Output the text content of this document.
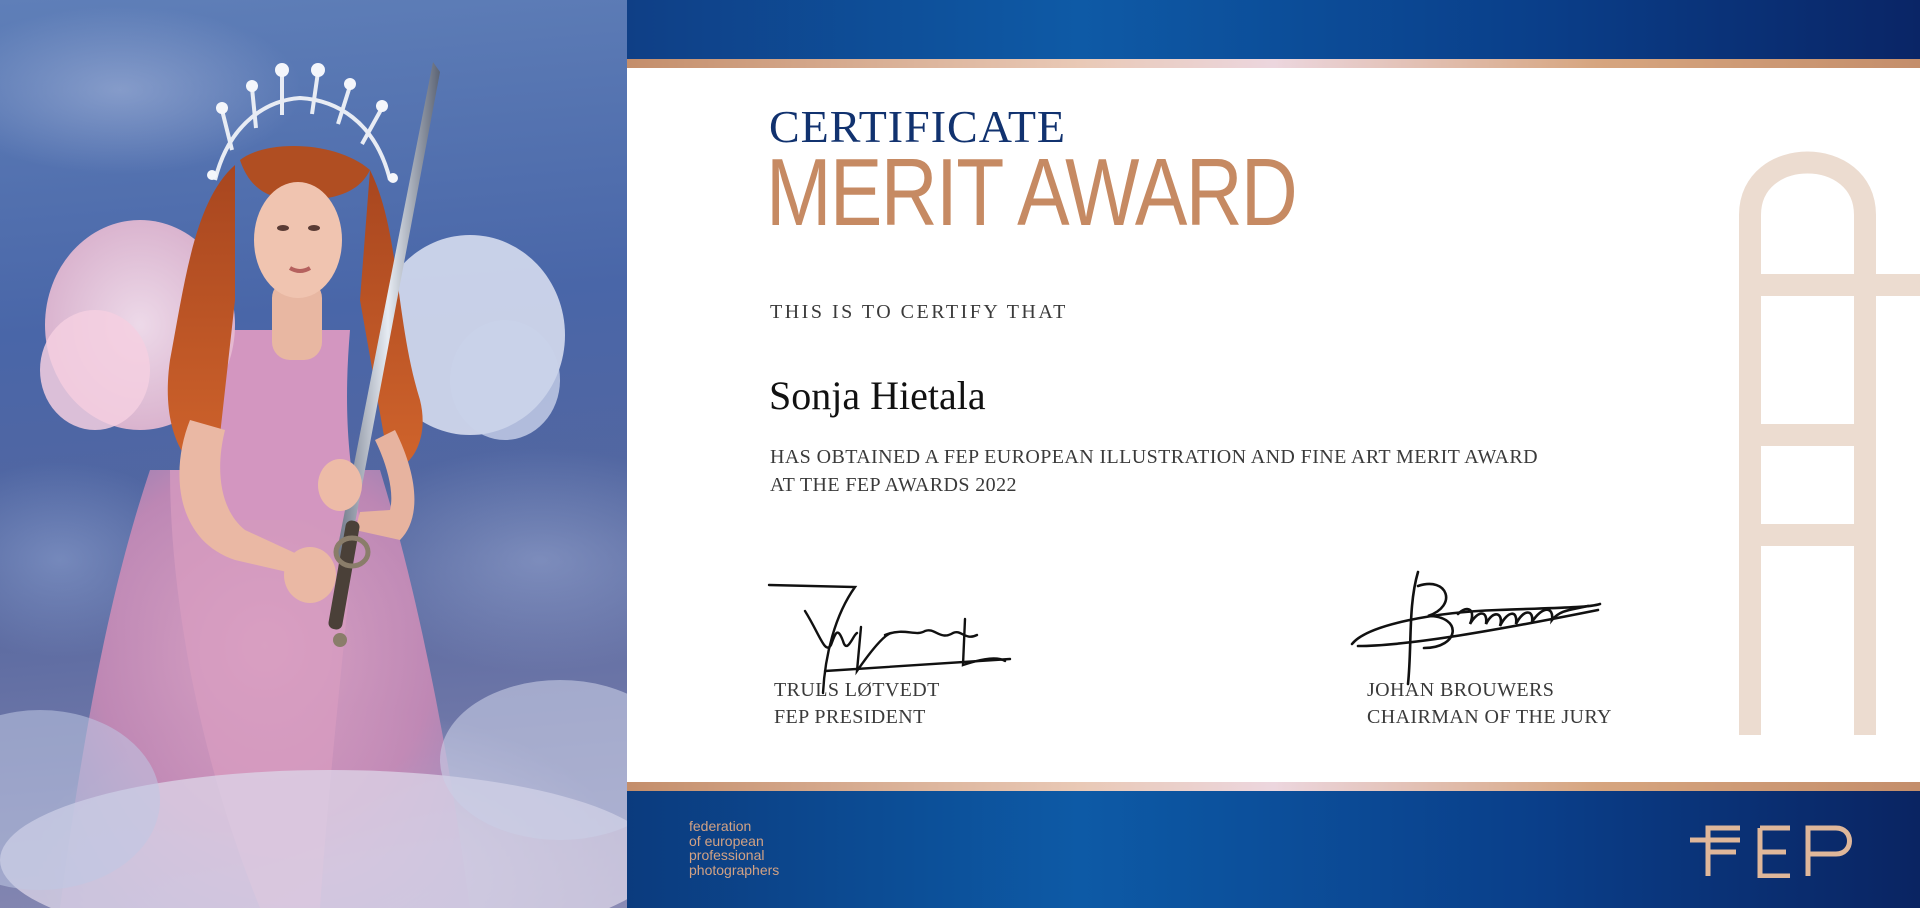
CERTIFICATE
MERIT AWARD
THIS IS TO CERTIFY THAT
Sonja Hietala
HAS OBTAINED A FEP EUROPEAN ILLUSTRATION AND FINE ART MERIT AWARD
AT THE FEP AWARDS 2022
TRULS LØTVEDT
FEP PRESIDENT
JOHAN BROUWERS
CHAIRMAN OF THE JURY
federation
of european
professional
photographers
